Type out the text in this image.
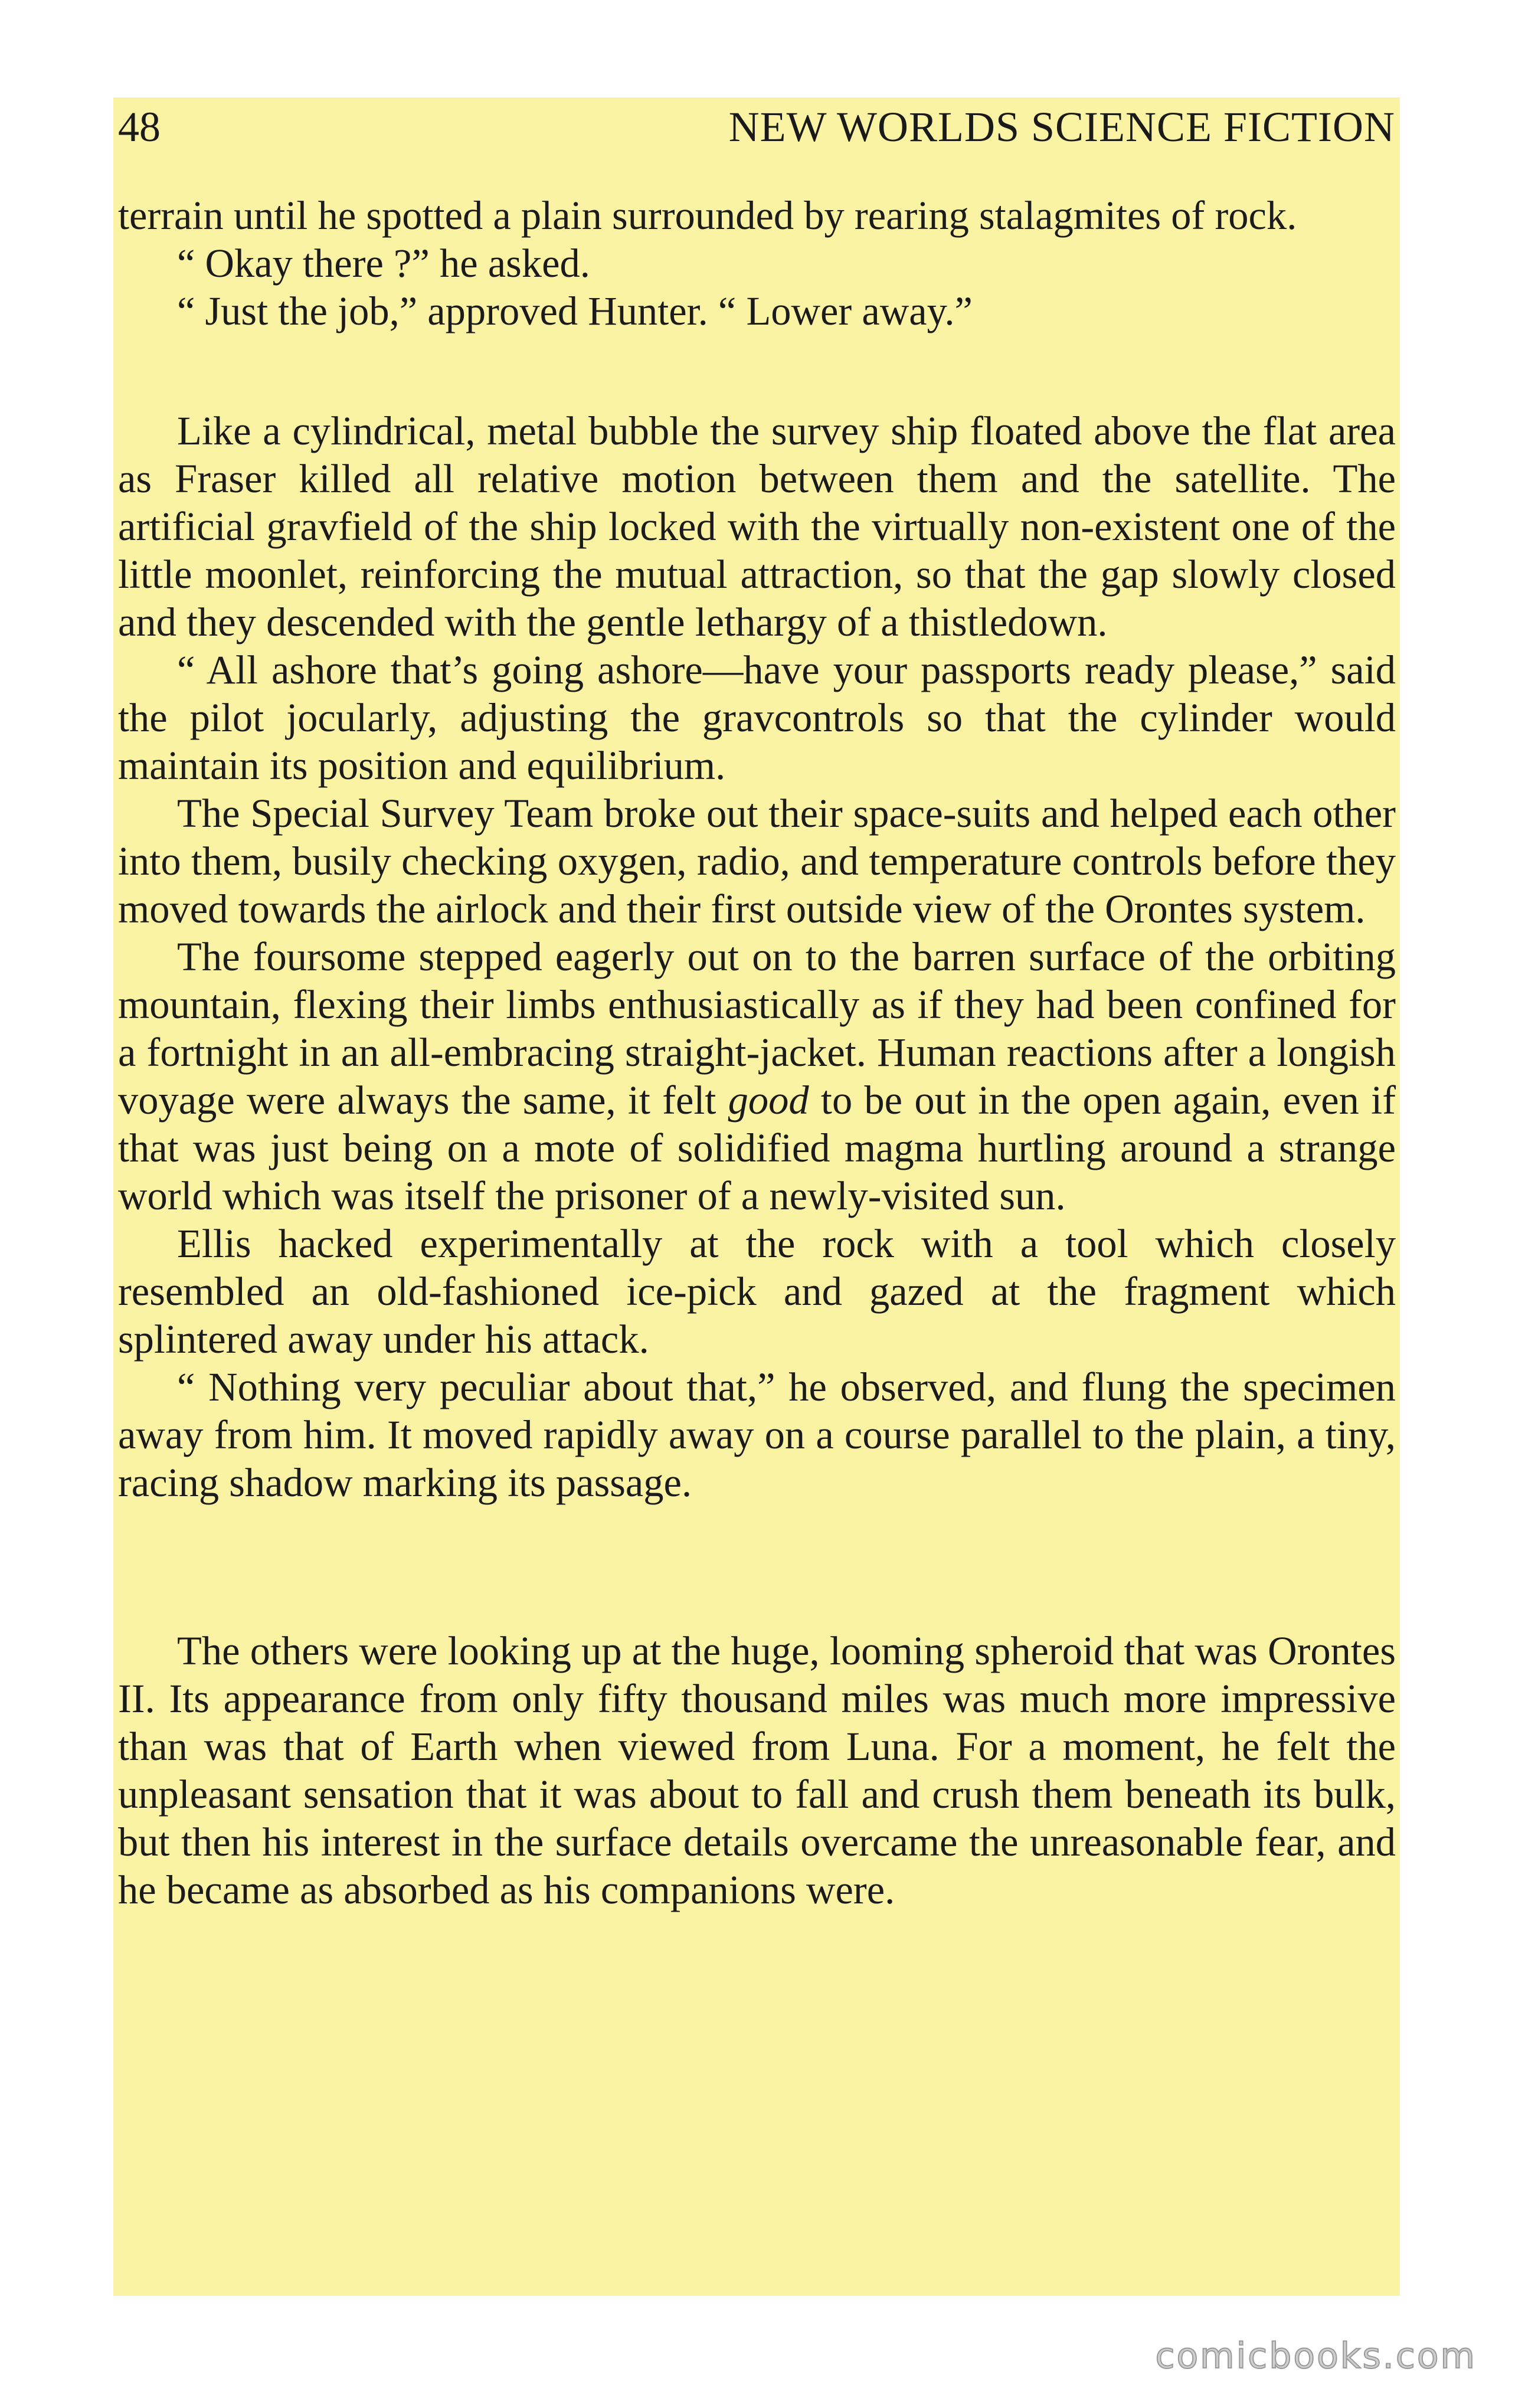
48	NEW WORLDS SCIENCE FICTION

terrain until he spotted a plain surrounded by rearing stalagmites of rock.

“ Okay there ?” he asked.

“ Just the job,” approved Hunter. “ Lower away.”

Like a cylindrical, metal bubble the survey ship floated above the flat area as Fraser killed all relative motion between them and the satellite. The artificial gravfield of the ship locked with the virtually non-existent one of the little moonlet, reinforcing the mutual attraction, so that the gap slowly closed and they descended with the gentle lethargy of a thistledown.

“ All ashore that’s going ashore—have your passports ready please,” said the pilot jocularly, adjusting the gravcontrols so that the cylinder would maintain its position and equilibrium.

The Special Survey Team broke out their space-suits and helped each other into them, busily checking oxygen, radio, and temperature controls before they moved towards the airlock and their first outside view of the Orontes system.

The foursome stepped eagerly out on to the barren surface of the orbiting mountain, flexing their limbs enthusiastically as if they had been confined for a fortnight in an all-embracing straight-jacket. Human reactions after a longish voyage were always the same, it felt good to be out in the open again, even if that was just being on a mote of solidified magma hurtling around a strange world which was itself the prisoner of a newly-visited sun.

Ellis hacked experimentally at the rock with a tool which closely resembled an old-fashioned ice-pick and gazed at the fragment which splintered away under his attack.

“ Nothing very peculiar about that,” he observed, and flung the specimen away from him. It moved rapidly away on a course parallel to the plain, a tiny, racing shadow marking its passage.

The others were looking up at the huge, looming spheroid that was Orontes II. Its appearance from only fifty thousand miles was much more impressive than was that of Earth when viewed from Luna. For a moment, he felt the unpleasant sensation that it was about to fall and crush them beneath its bulk, but then his interest in the surface details overcame the unreasonable fear, and he became as absorbed as his companions were.

comicbooks.com
